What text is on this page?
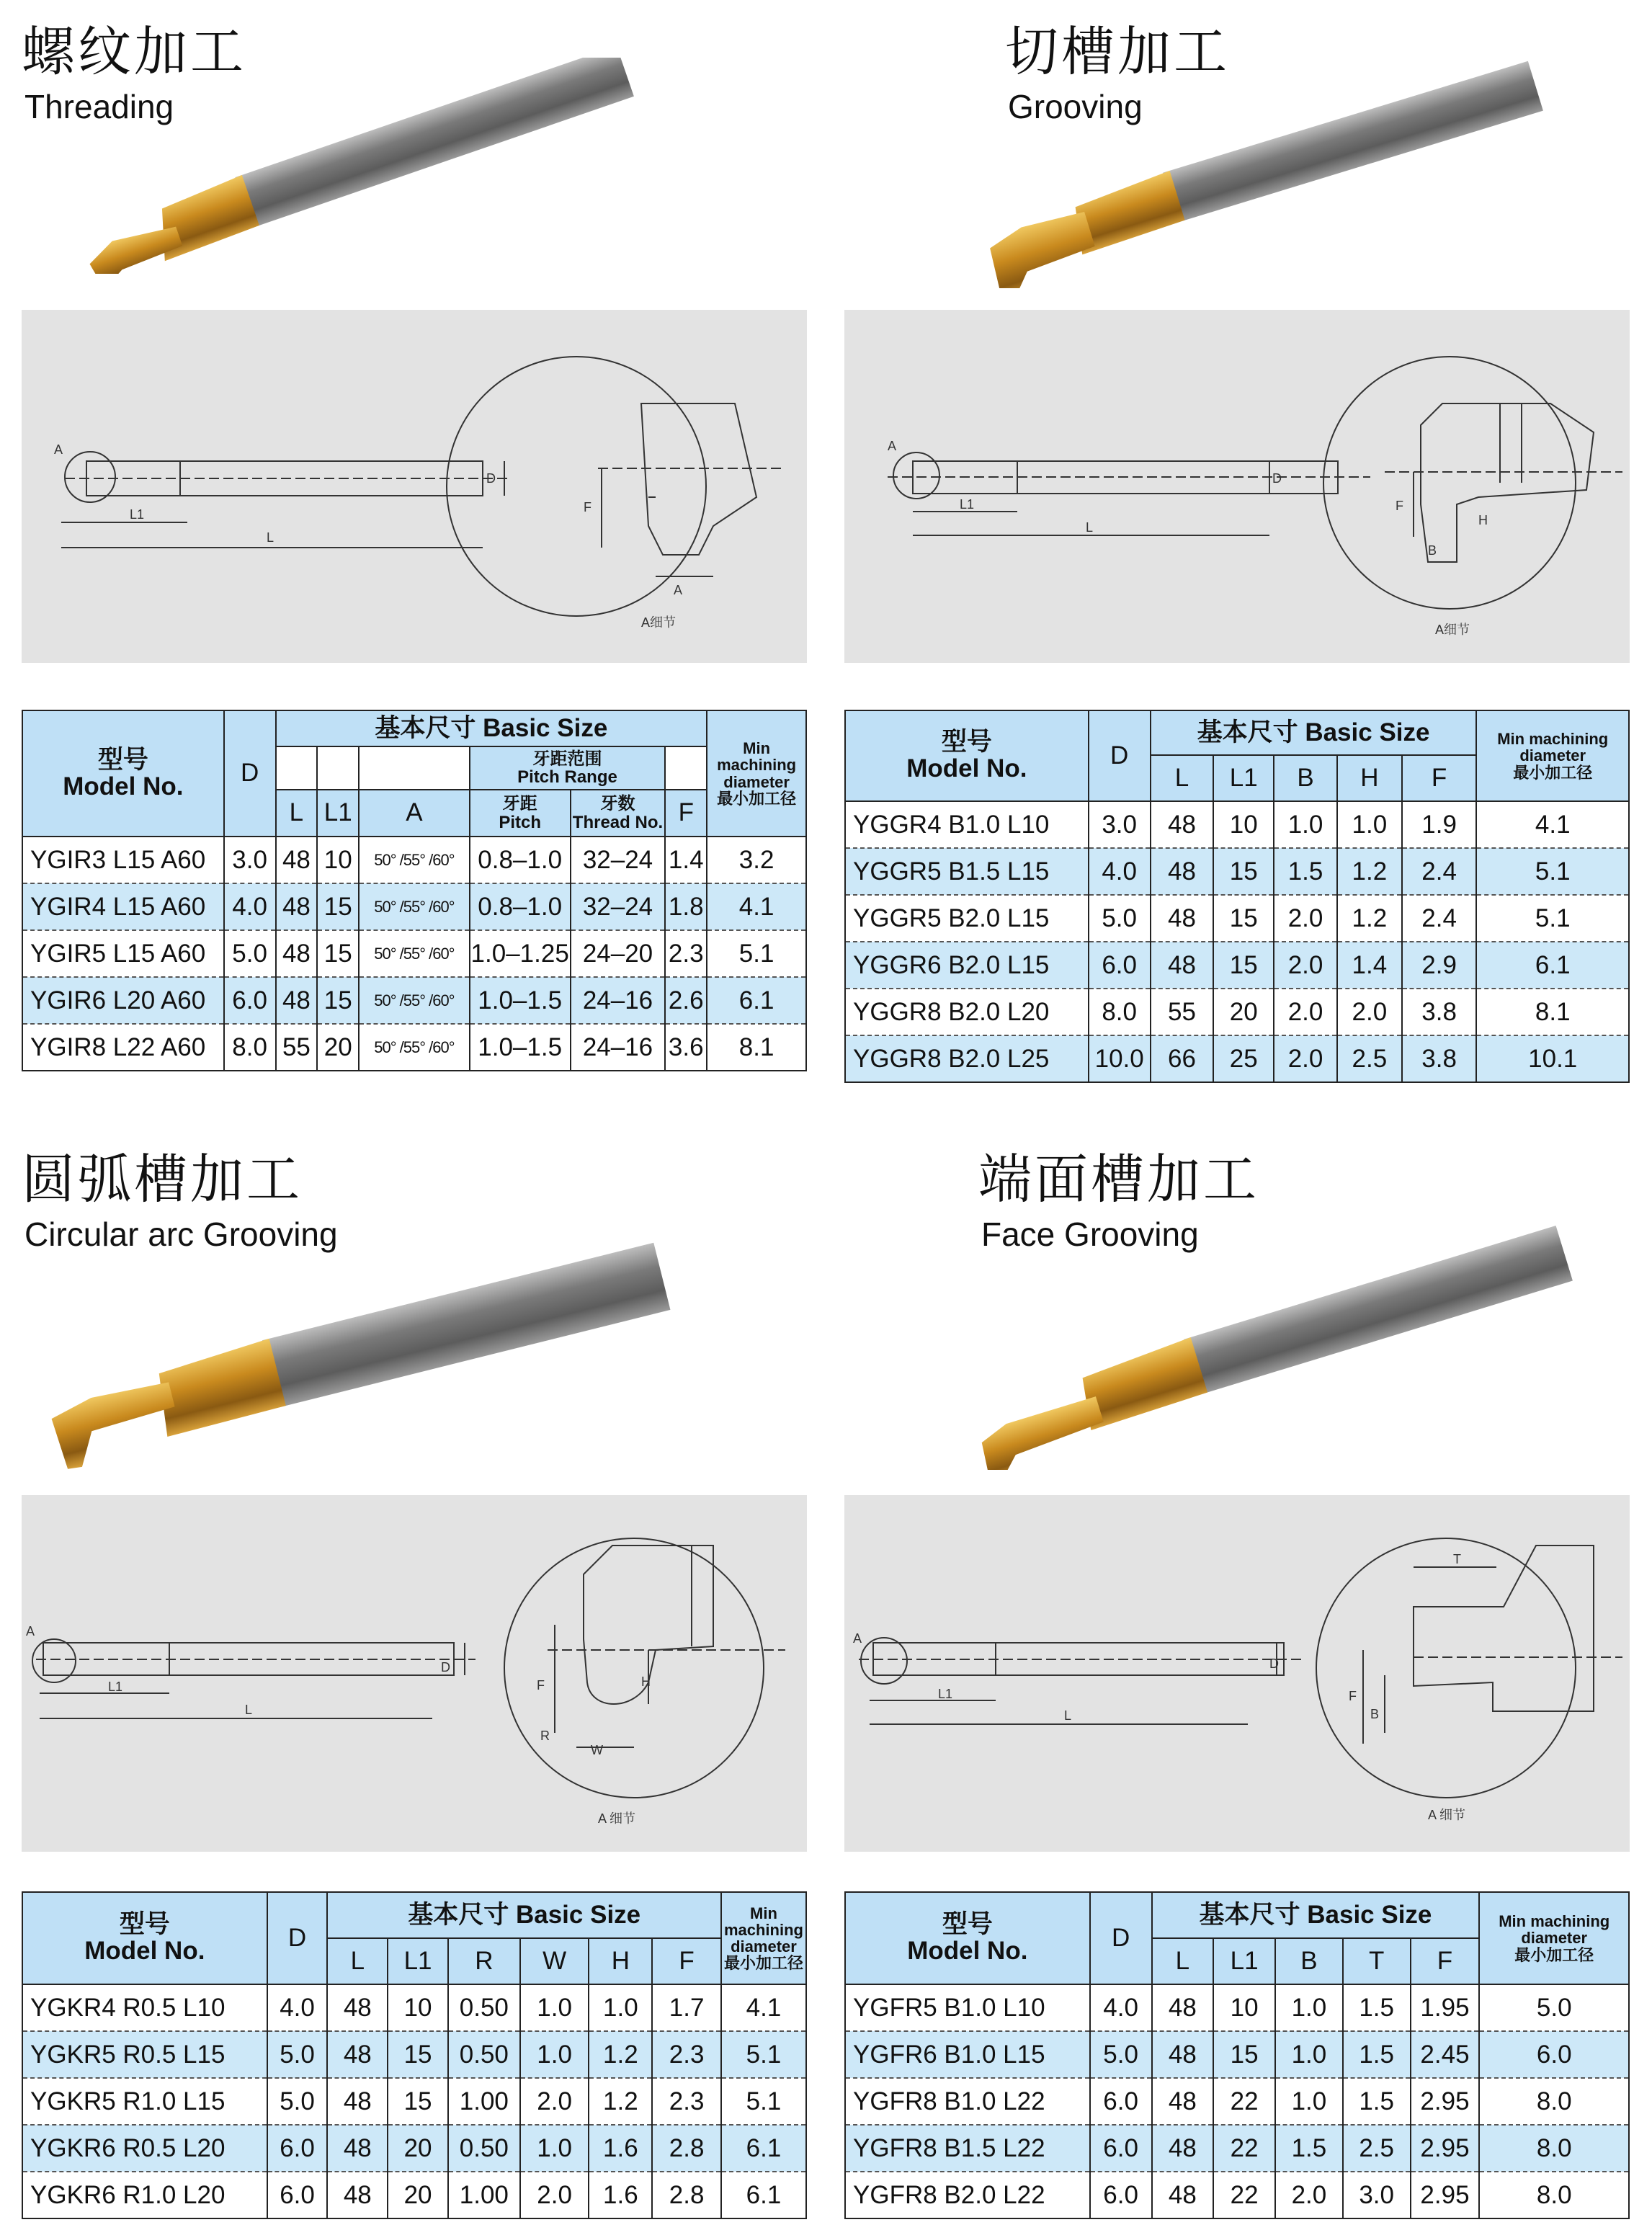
螺纹加工
Threading
A
L1
L
D
F
A
A细节
型号
Model No.	D	基本尺寸 Basic Size						Min machining diameter
最小加工径
					牙距范围
Pitch Range			
		L	L1	A	牙距
Pitch	牙数
Thread No.	F	
YGIR3 L15 A60	3.0	48	10	50° /55° /60°	0.8–1.0	32–24	1.4	3.2
YGIR4 L15 A60	4.0	48	15	50° /55° /60°	0.8–1.0	32–24	1.8	4.1
YGIR5 L15 A60	5.0	48	15	50° /55° /60°	1.0–1.25	24–20	2.3	5.1
YGIR6 L20 A60	6.0	48	15	50° /55° /60°	1.0–1.5	24–16	2.6	6.1
YGIR8 L22 A60	8.0	55	20	50° /55° /60°	1.0–1.5	24–16	3.6	8.1
切槽加工
Grooving
A
L1
L
D
F
H
B
A细节
型号
Model No.	D	基本尺寸 Basic Size					Min machining diameter
最小加工径
		L	L1	B	H	F	
YGGR4 B1.0 L10	3.0	48	10	1.0	1.0	1.9	4.1
YGGR5 B1.5 L15	4.0	48	15	1.5	1.2	2.4	5.1
YGGR5 B2.0 L15	5.0	48	15	2.0	1.2	2.4	5.1
YGGR6 B2.0 L15	6.0	48	15	2.0	1.4	2.9	6.1
YGGR8 B2.0 L20	8.0	55	20	2.0	2.0	3.8	8.1
YGGR8 B2.0 L25	10.0	66	25	2.0	2.5	3.8	10.1
圆弧槽加工
Circular arc Grooving
A
L1
L
D
F	H
R
W
A 细节
型号
Model No.	D	基本尺寸 Basic Size						Min machining diameter
最小加工径
		L	L1	R	W	H	F	
YGKR4 R0.5 L10	4.0	48	10	0.50	1.0	1.0	1.7	4.1
YGKR5 R0.5 L15	5.0	48	15	0.50	1.0	1.2	2.3	5.1
YGKR5 R1.0 L15	5.0	48	15	1.00	2.0	1.2	2.3	5.1
YGKR6 R0.5 L20	6.0	48	20	0.50	1.0	1.6	2.8	6.1
YGKR6 R1.0 L20	6.0	48	20	1.00	2.0	1.6	2.8	6.1
端面槽加工
Face Grooving
A
L1
L
D
F
B
T
A 细节
型号
Model No.	D	基本尺寸 Basic Size					Min machining diameter
最小加工径
		L	L1	B	T	F	
YGFR5 B1.0 L10	4.0	48	10	1.0	1.5	1.95	5.0
YGFR6 B1.0 L15	5.0	48	15	1.0	1.5	2.45	6.0
YGFR8 B1.0 L22	6.0	48	22	1.0	1.5	2.95	8.0
YGFR8 B1.5 L22	6.0	48	22	1.5	2.5	2.95	8.0
YGFR8 B2.0 L22	6.0	48	22	2.0	3.0	2.95	8.0
